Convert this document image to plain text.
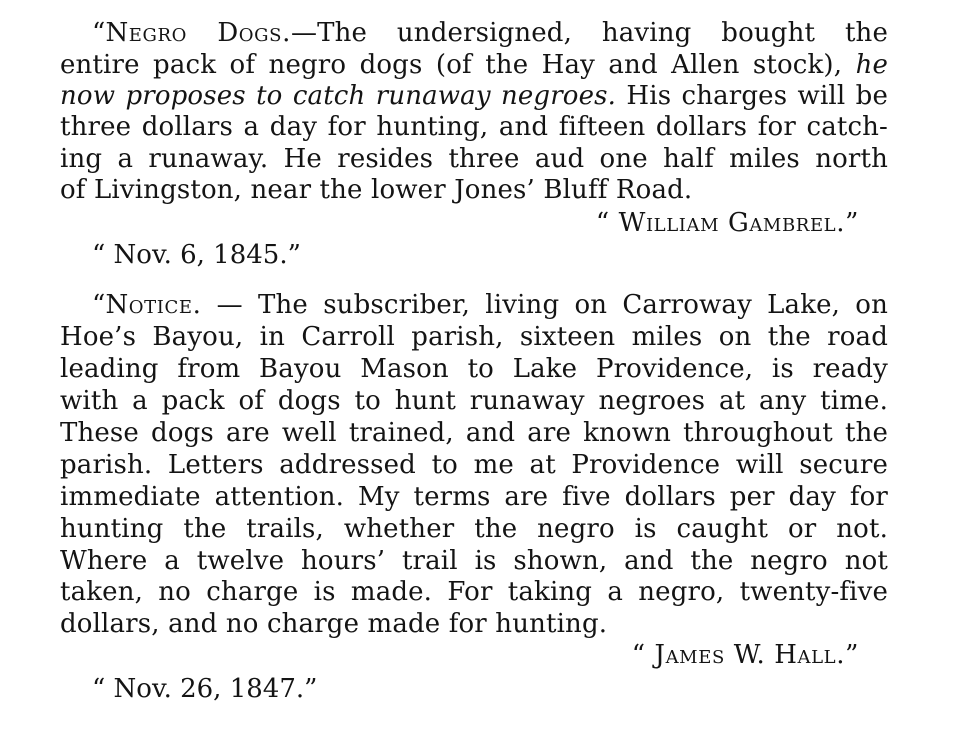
“Negro Dogs.—The undersigned, having bought the
entire pack of negro dogs (of the Hay and Allen stock), he
now proposes to catch runaway negroes. His charges will be
three dollars a day for hunting, and fifteen dollars for catch-
ing a runaway. He resides three aud one half miles north
of Livingston, near the lower Jones’ Bluff Road.
“ William Gambrel.”
“ Nov. 6, 1845.”
“Notice. — The subscriber, living on Carroway Lake, on
Hoe’s Bayou, in Carroll parish, sixteen miles on the road
leading from Bayou Mason to Lake Providence, is ready
with a pack of dogs to hunt runaway negroes at any time.
These dogs are well trained, and are known throughout the
parish. Letters addressed to me at Providence will secure
immediate attention. My terms are five dollars per day for
hunting the trails, whether the negro is caught or not.
Where a twelve hours’ trail is shown, and the negro not
taken, no charge is made. For taking a negro, twenty-five
dollars, and no charge made for hunting.
“ James W. Hall.”
“ Nov. 26, 1847.”
